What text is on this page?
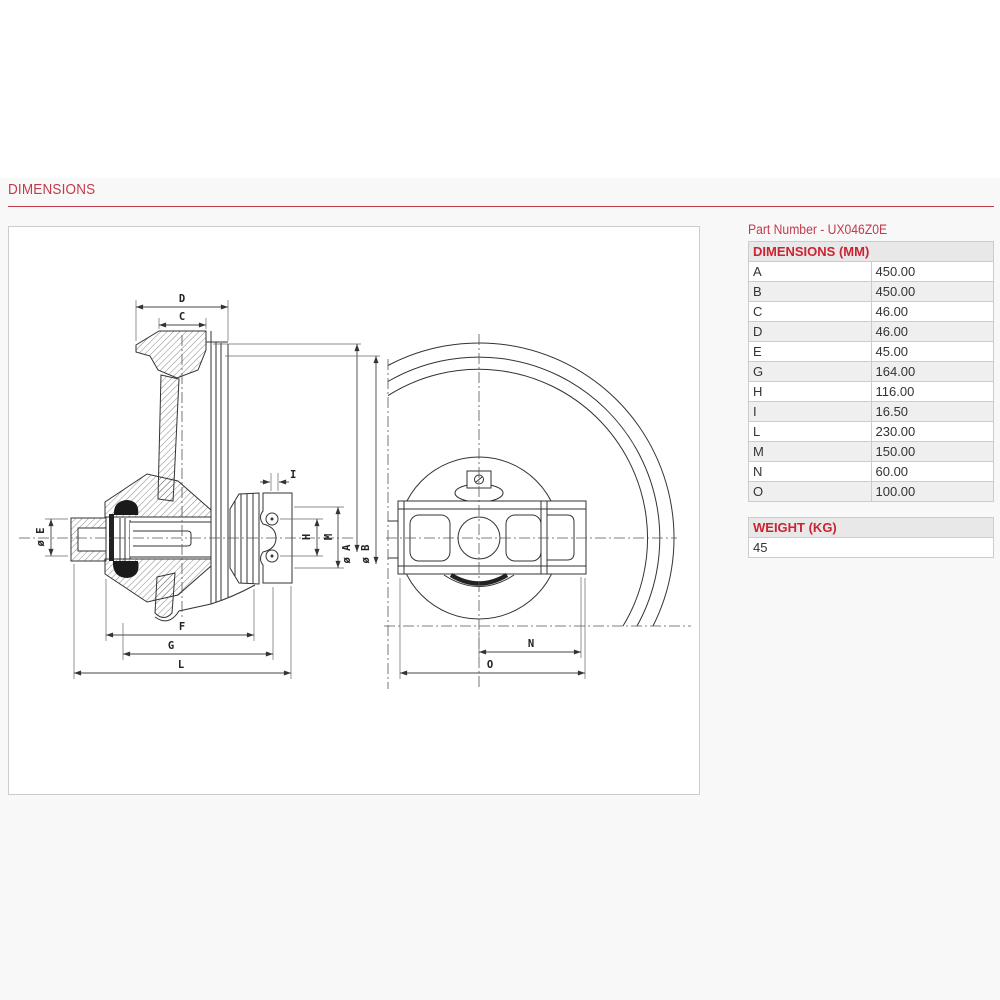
DIMENSIONS
D
C
ø E
I
H M
ø A ø B
F
G
L
N
O
Part Number - UX046Z0E
DIMENSIONS (MM)	
A	450.00
B	450.00
C	46.00
D	46.00
E	45.00
G	164.00
H	116.00
I	16.50
L	230.00
M	150.00
N	60.00
O	100.00
WEIGHT (KG)
45
